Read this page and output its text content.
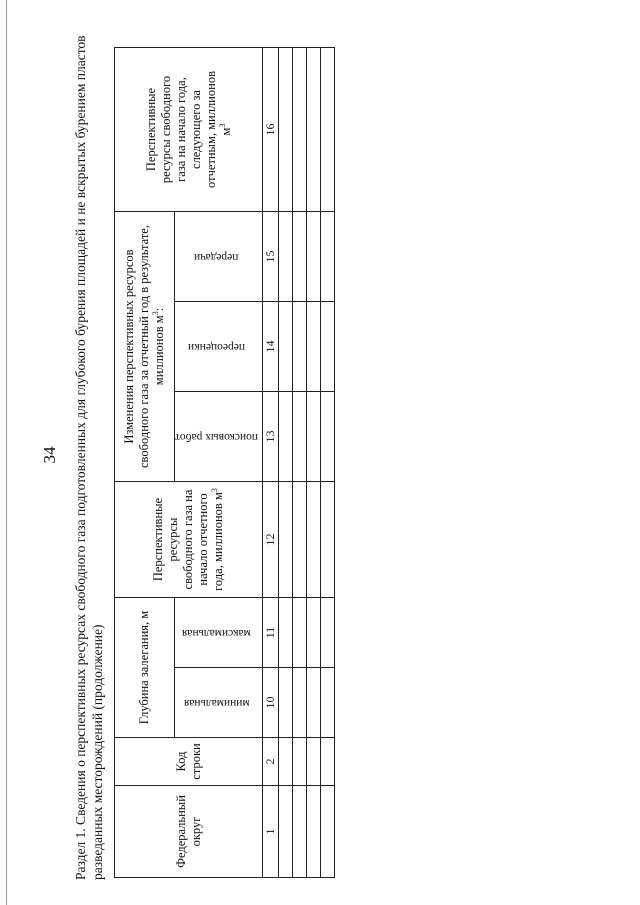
34 Раздел 1. Сведения о перспективных ресурсах свободного газа подготовленных для глубокого бурения площадей и не вскрытых бурением пластов разведанных месторождений (продолжение)	Федеральный округ	Код строки	Глубина залегания, м		Перспективные ресурсы свободного газа на начало отчетного года, миллионов $м^3$	Изменения перспективных ресурсов свободного газа за отчетный год в результате, миллионов $м^3$:			Перспективные ресурсы свободного газа на начало года, следующего за отчетным, миллионов $м^3$
		минимальная	максимальная		поисковых работ	переоценки	передачи	
1	2	10	11	12	13	14	15	16
